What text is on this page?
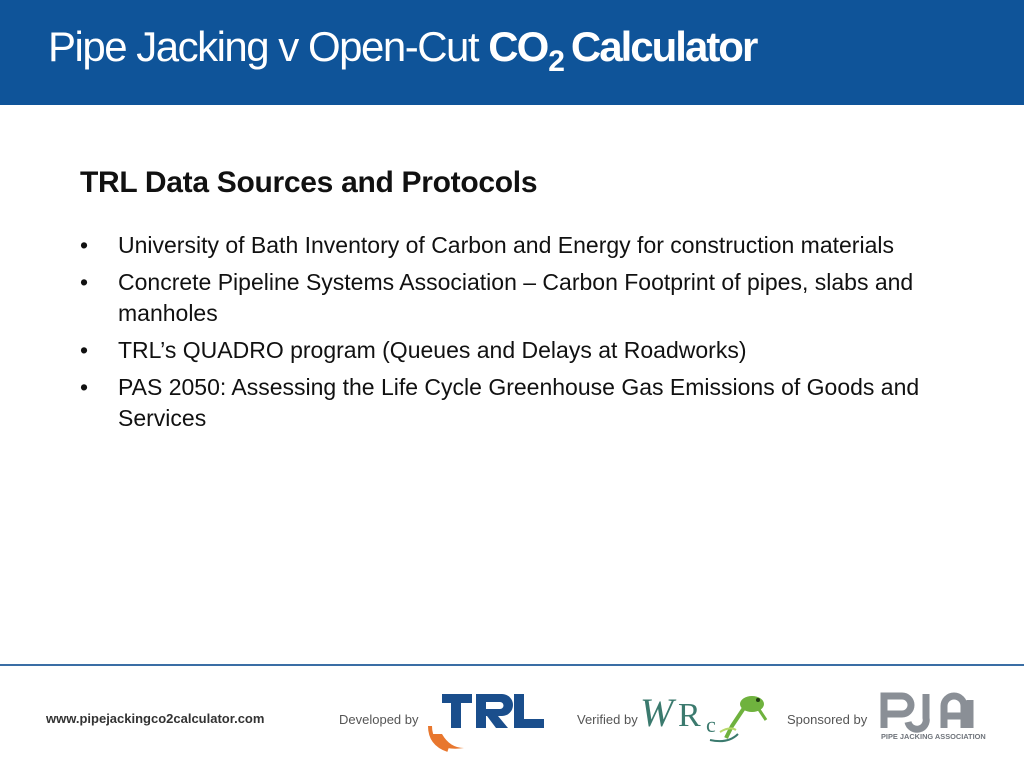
Pipe Jacking v Open-Cut $CO_2$ Calculator
TRL Data Sources and Protocols
•	University of Bath Inventory of Carbon and Energy for construction materials
•	Concrete Pipeline Systems Association – Carbon Footprint of pipes, slabs and manholes
•	TRL’s QUADRO program (Queues and Delays at Roadworks)
•	PAS 2050: Assessing the Life Cycle Greenhouse Gas Emissions of Goods and Services
www.pipejackingco2calculator.com	Developed by	Verified by W R c	Sponsored by
PIPE JACKING ASSOCIATION
